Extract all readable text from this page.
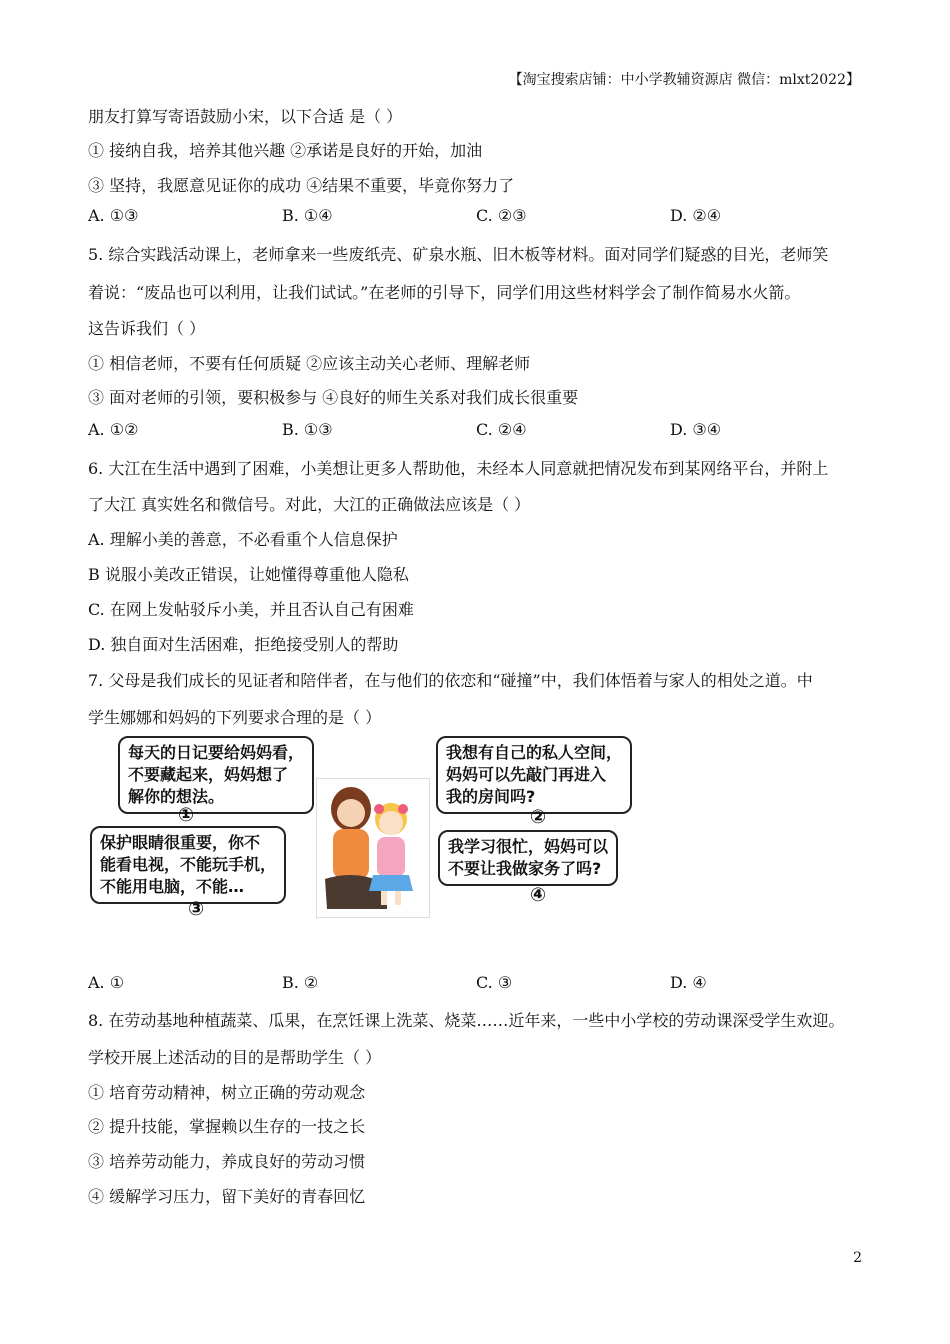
【淘宝搜索店铺：中小学教辅资源店 微信：mlxt2022】
朋友打算写寄语鼓励小宋，以下合适 是（ ）
① 接纳自我，培养其他兴趣 ②承诺是良好的开始，加油
③ 坚持，我愿意见证你的成功 ④结果不重要，毕竟你努力了
A. ①③	B. ①④	C. ②③	D. ②④
5. 综合实践活动课上，老师拿来一些废纸壳、矿泉水瓶、旧木板等材料。面对同学们疑惑的目光，老师笑
着说：“废品也可以利用，让我们试试。”在老师的引导下，同学们用这些材料学会了制作简易水火箭。
这告诉我们（ ）
① 相信老师，不要有任何质疑 ②应该主动关心老师、理解老师
③ 面对老师的引领，要积极参与 ④良好的师生关系对我们成长很重要
A. ①②	B. ①③	C. ②④	D. ③④
6. 大江在生活中遇到了困难，小美想让更多人帮助他，未经本人同意就把情况发布到某网络平台，并附上
了大江 真实姓名和微信号。对此，大江的正确做法应该是（ ）
A. 理解小美的善意，不必看重个人信息保护
B 说服小美改正错误，让她懂得尊重他人隐私
C. 在网上发帖驳斥小美，并且否认自己有困难
D. 独自面对生活困难，拒绝接受别人的帮助
7. 父母是我们成长的见证者和陪伴者，在与他们的依恋和“碰撞”中，我们体悟着与家人的相处之道。中
学生娜娜和妈妈的下列要求合理的是（ ）
每天的日记要给妈妈看，
不要藏起来，妈妈想了
解你的想法。
①
我想有自己的私人空间，
妈妈可以先敲门再进入
我的房间吗?
②
保护眼睛很重要，你不
能看电视，不能玩手机，
不能用电脑，不能…
③
我学习很忙，妈妈可以
不要让我做家务了吗?
④
A. ①	B. ②	C. ③	D. ④
8. 在劳动基地种植蔬菜、瓜果，在烹饪课上洗菜、烧菜……近年来，一些中小学校的劳动课深受学生欢迎。
学校开展上述活动的目的是帮助学生（ ）
① 培育劳动精神，树立正确的劳动观念
② 提升技能，掌握赖以生存的一技之长
③ 培养劳动能力，养成良好的劳动习惯
④ 缓解学习压力，留下美好的青春回忆
2
